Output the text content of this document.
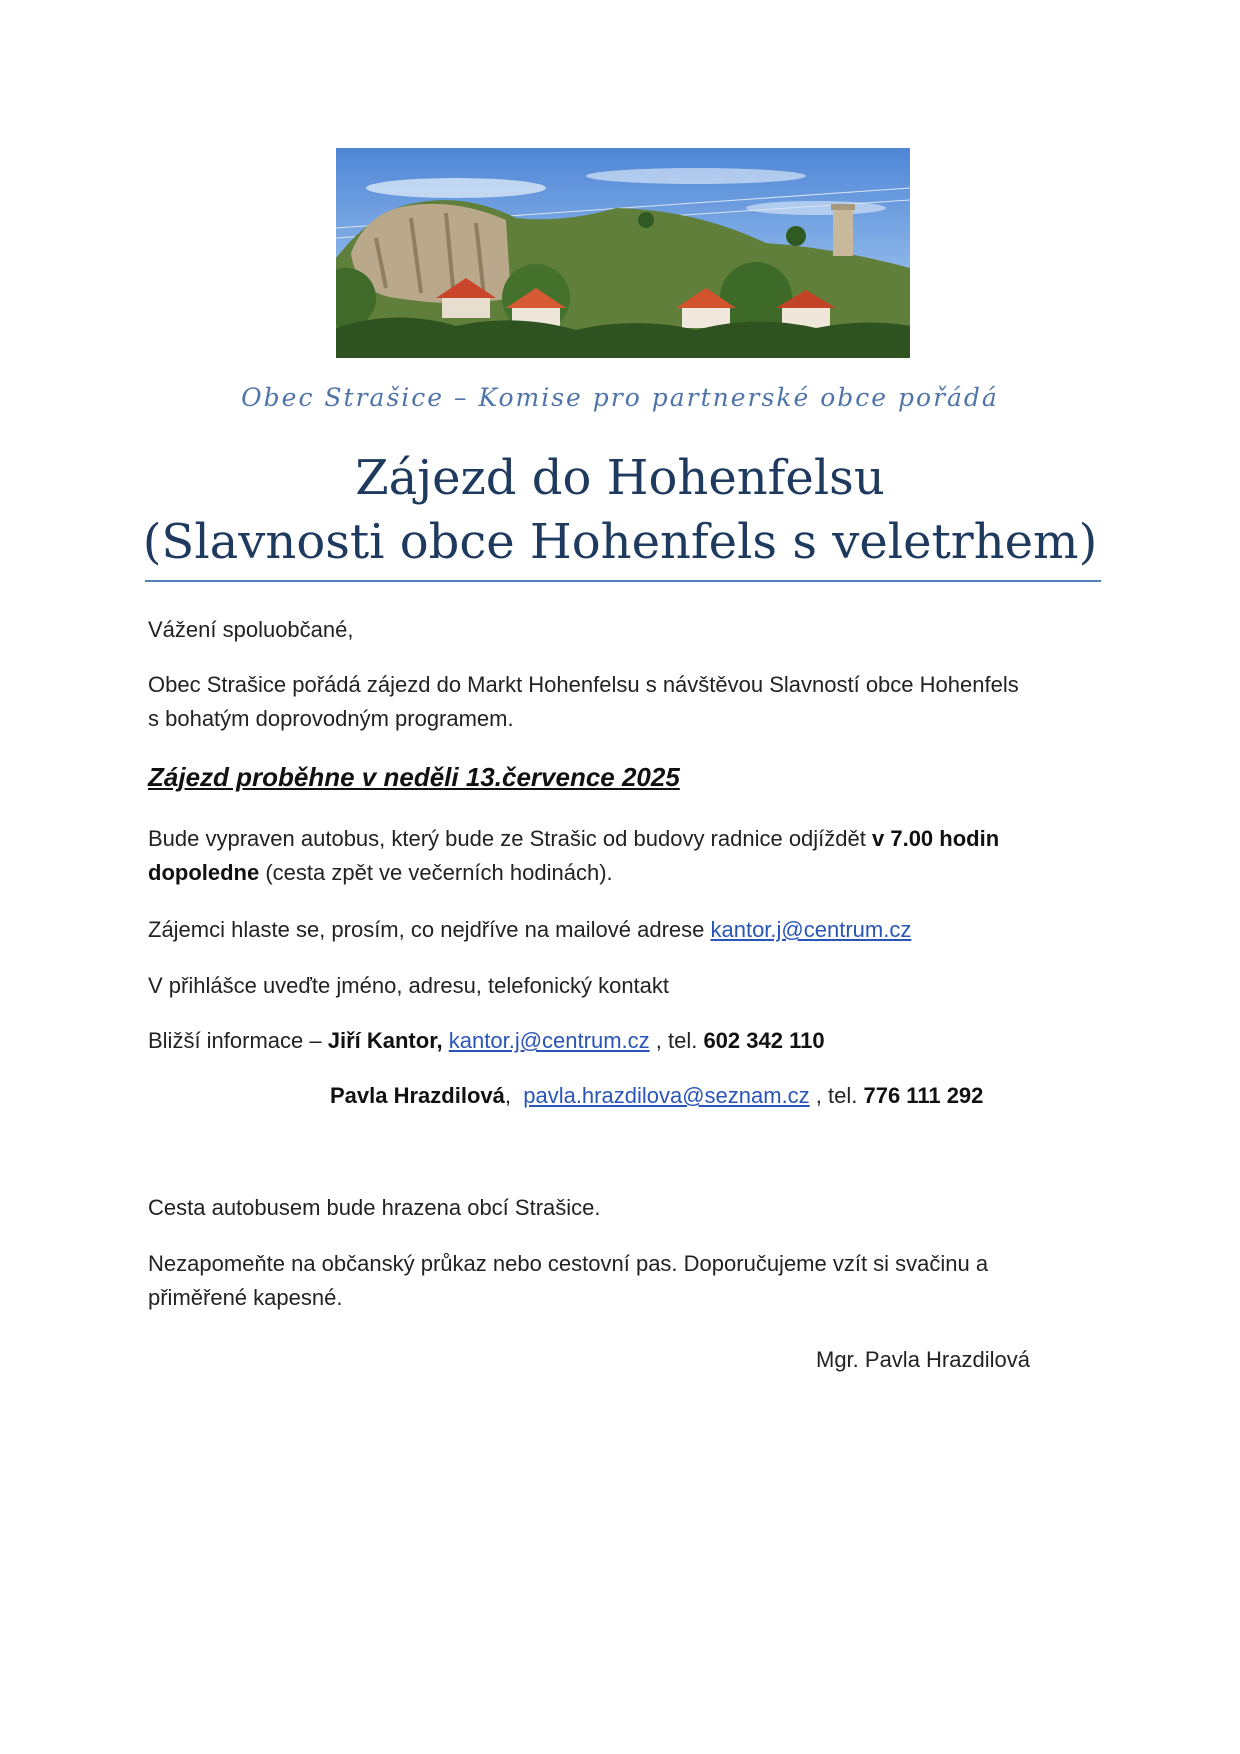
Obec Strašice – Komise pro partnerské obce pořádá
Zájezd do Hohenfelsu
(Slavnosti obce Hohenfels s veletrhem)
Vážení spoluobčané,
Obec Strašice pořádá zájezd do Markt Hohenfelsu s návštěvou Slavností obce Hohenfels
s bohatým doprovodným programem.
Zájezd proběhne v neděli 13.července 2025
Bude vypraven autobus, který bude ze Strašic od budovy radnice odjíždět v 7.00 hodin
dopoledne (cesta zpět ve večerních hodinách).
Zájemci hlaste se, prosím, co nejdříve na mailové adrese kantor.j@centrum.cz
V přihlášce uveďte jméno, adresu, telefonický kontakt
Bližší informace – Jiří Kantor, kantor.j@centrum.cz , tel. 602 342 110
Pavla Hrazdilová,  pavla.hrazdilova@seznam.cz , tel. 776 111 292
Cesta autobusem bude hrazena obcí Strašice.
Nezapomeňte na občanský průkaz nebo cestovní pas. Doporučujeme vzít si svačinu a
přiměřené kapesné.
Mgr. Pavla Hrazdilová
